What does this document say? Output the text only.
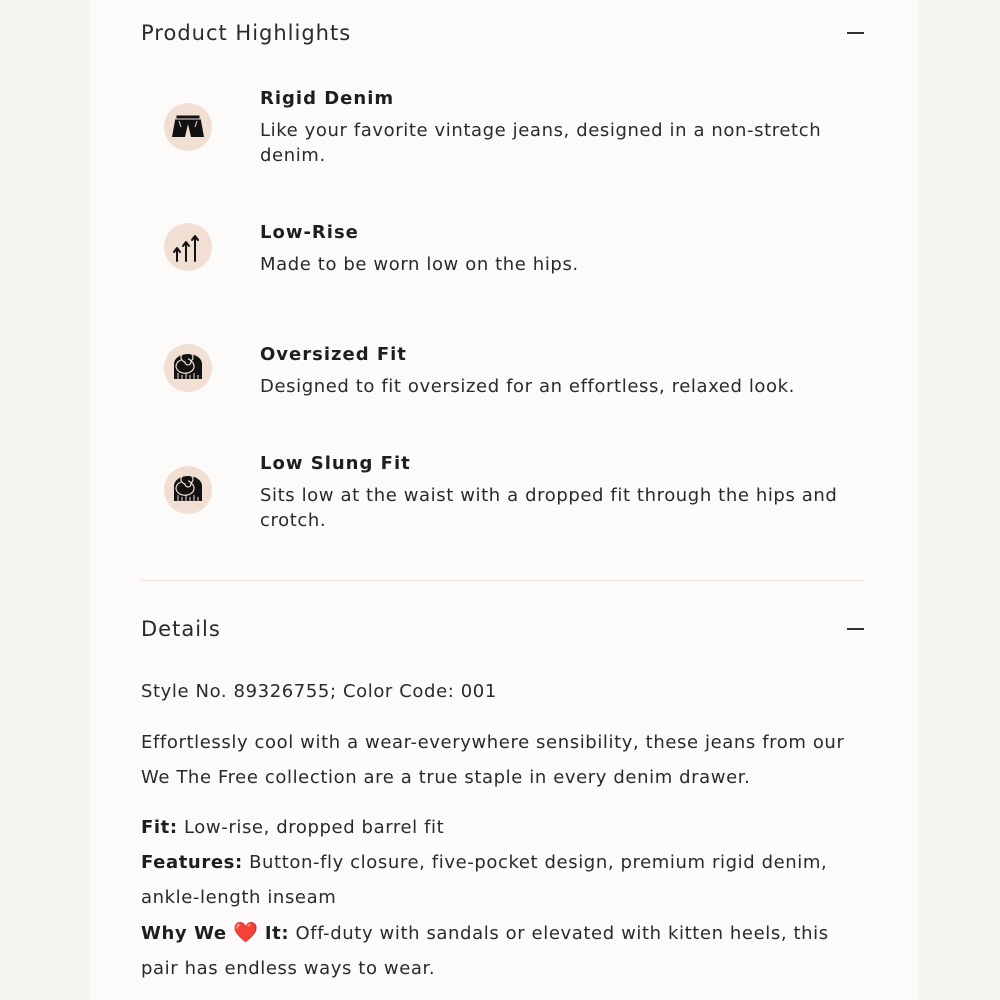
Product Highlights
Rigid Denim
Like your favorite vintage jeans, designed in a non-stretch denim.
Low-Rise
Made to be worn low on the hips.
Oversized Fit
Designed to fit oversized for an effortless, relaxed look.
Low Slung Fit
Sits low at the waist with a dropped fit through the hips and crotch.
Details
Style No. 89326755; Color Code: 001
Effortlessly cool with a wear-everywhere sensibility, these jeans from our We The Free collection are a true staple in every denim drawer.
Fit: Low-rise, dropped barrel fit
Features: Button-fly closure, five-pocket design, premium rigid denim, ankle-length inseam
Why We ❤️ It: Off-duty with sandals or elevated with kitten heels, this pair has endless ways to wear.
